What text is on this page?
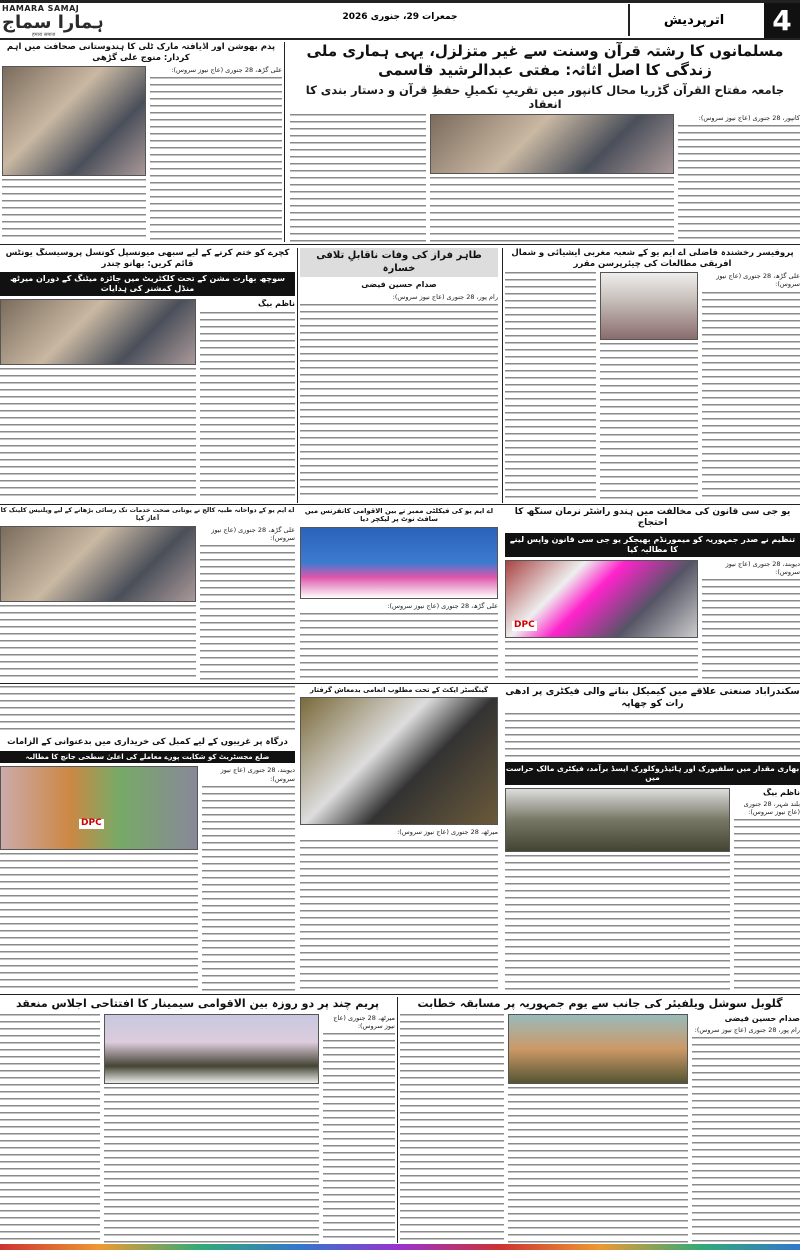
HAMARA SAMAJ
ہمارا سماج
हमारा समाज
جمعرات 29، جنوری 2026	اترپردیش	4
پدم بھوشن اور اڈیافتہ مارک ٹلی کا ہندوستانی صحافت میں اہم کردار: منوج علی گڑھی
علی گڑھ، 28 جنوری (عاج نیوز سروس):
مسلمانوں کا رشتہ قرآن وسنت سے غیر متزلزل، یہی ہماری ملی زندگی کا اصل اثاثہ: مفتی عبدالرشید قاسمی
جامعہ مفتاح القرآن گڑریا محال کانپور میں تقریبِ تکمیلِ حفظِ قرآن و دستار بندی کا انعقاد
کانپور، 28 جنوری (عاج نیوز سروس):
پروفیسر رخشندہ فاضلی اے ایم یو کے شعبہ مغربی ایشیائی و شمال افریقی مطالعات کی چیئرپرسن مقرر
علی گڑھ، 28 جنوری (عاج نیوز سروس):
طاہر فراز کی وفات ناقابلِ تلافی خسارہ
صدام حسین فیضی
رام پور، 28 جنوری (عاج نیوز سروس):
کچرے کو ختم کرنے کے لیے سبھی میونسپل کونسل پروسیسنگ یونٹس قائم کریں: بھانو چندر
سوچھ بھارت مشن کے تحت کلکٹریٹ میں جائزہ میٹنگ کے دوران میرٹھ منڈل کمشنر کی ہدایات
ناظم بیگ
یو جی سی قانون کی مخالفت میں ہندو راشٹر نرمان سنگھ کا احتجاج
تنظیم نے صدر جمہوریہ کو میمورنڈم بھیجکر یو جی سی قانون واپس لینے کا مطالبہ کیا
دیوبند، 28 جنوری (عاج نیوز سروس):
DPC
اے ایم یو کی فیکلٹی ممبر نے بین الاقوامی کانفرنس میں سافٹ نوٹ پر لیکچر دیا
علی گڑھ، 28 جنوری (عاج نیوز سروس):
اے ایم یو کے دواخانہ طبیہ کالج نے یونانی صحت خدمات تک رسائی بڑھانے کے لیے ویلنیس کلینک کا آغاز کیا
علی گڑھ، 28 جنوری (عاج نیوز سروس):
سکندرآباد صنعتی علاقے میں کیمیکل بنانے والی فیکٹری پر آدھی رات کو چھاپہ
بھاری مقدار میں سلفیورک اور ہائیڈروکلورک ایسڈ برآمد، فیکٹری مالک حراست میں
ناظم بیگ
بلند شہر، 28 جنوری (عاج نیوز سروس):
گینگسٹر ایکٹ کے تحت مطلوب انعامی بدمعاش گرفتار
میرٹھ، 28 جنوری (عاج نیوز سروس):
درگاہ پر غریبوں کے لیے کمبل کی خریداری میں بدعنوانی کے الزامات
ضلع مجسٹریٹ کو شکایت پورے معاملے کی اعلیٰ سطحی جانچ کا مطالبہ
دیوبند، 28 جنوری (عاج نیوز سروس):
DPC
گلوبل سوشل ویلفیئر کی جانب سے یوم جمہوریہ پر مسابقہ خطابت
صدام حسین فیضی
رام پور، 28 جنوری (عاج نیوز سروس):
پریم چند پر دو روزہ بین الاقوامی سیمینار کا افتتاحی اجلاس منعقد
میرٹھ، 28 جنوری (عاج نیوز سروس):
